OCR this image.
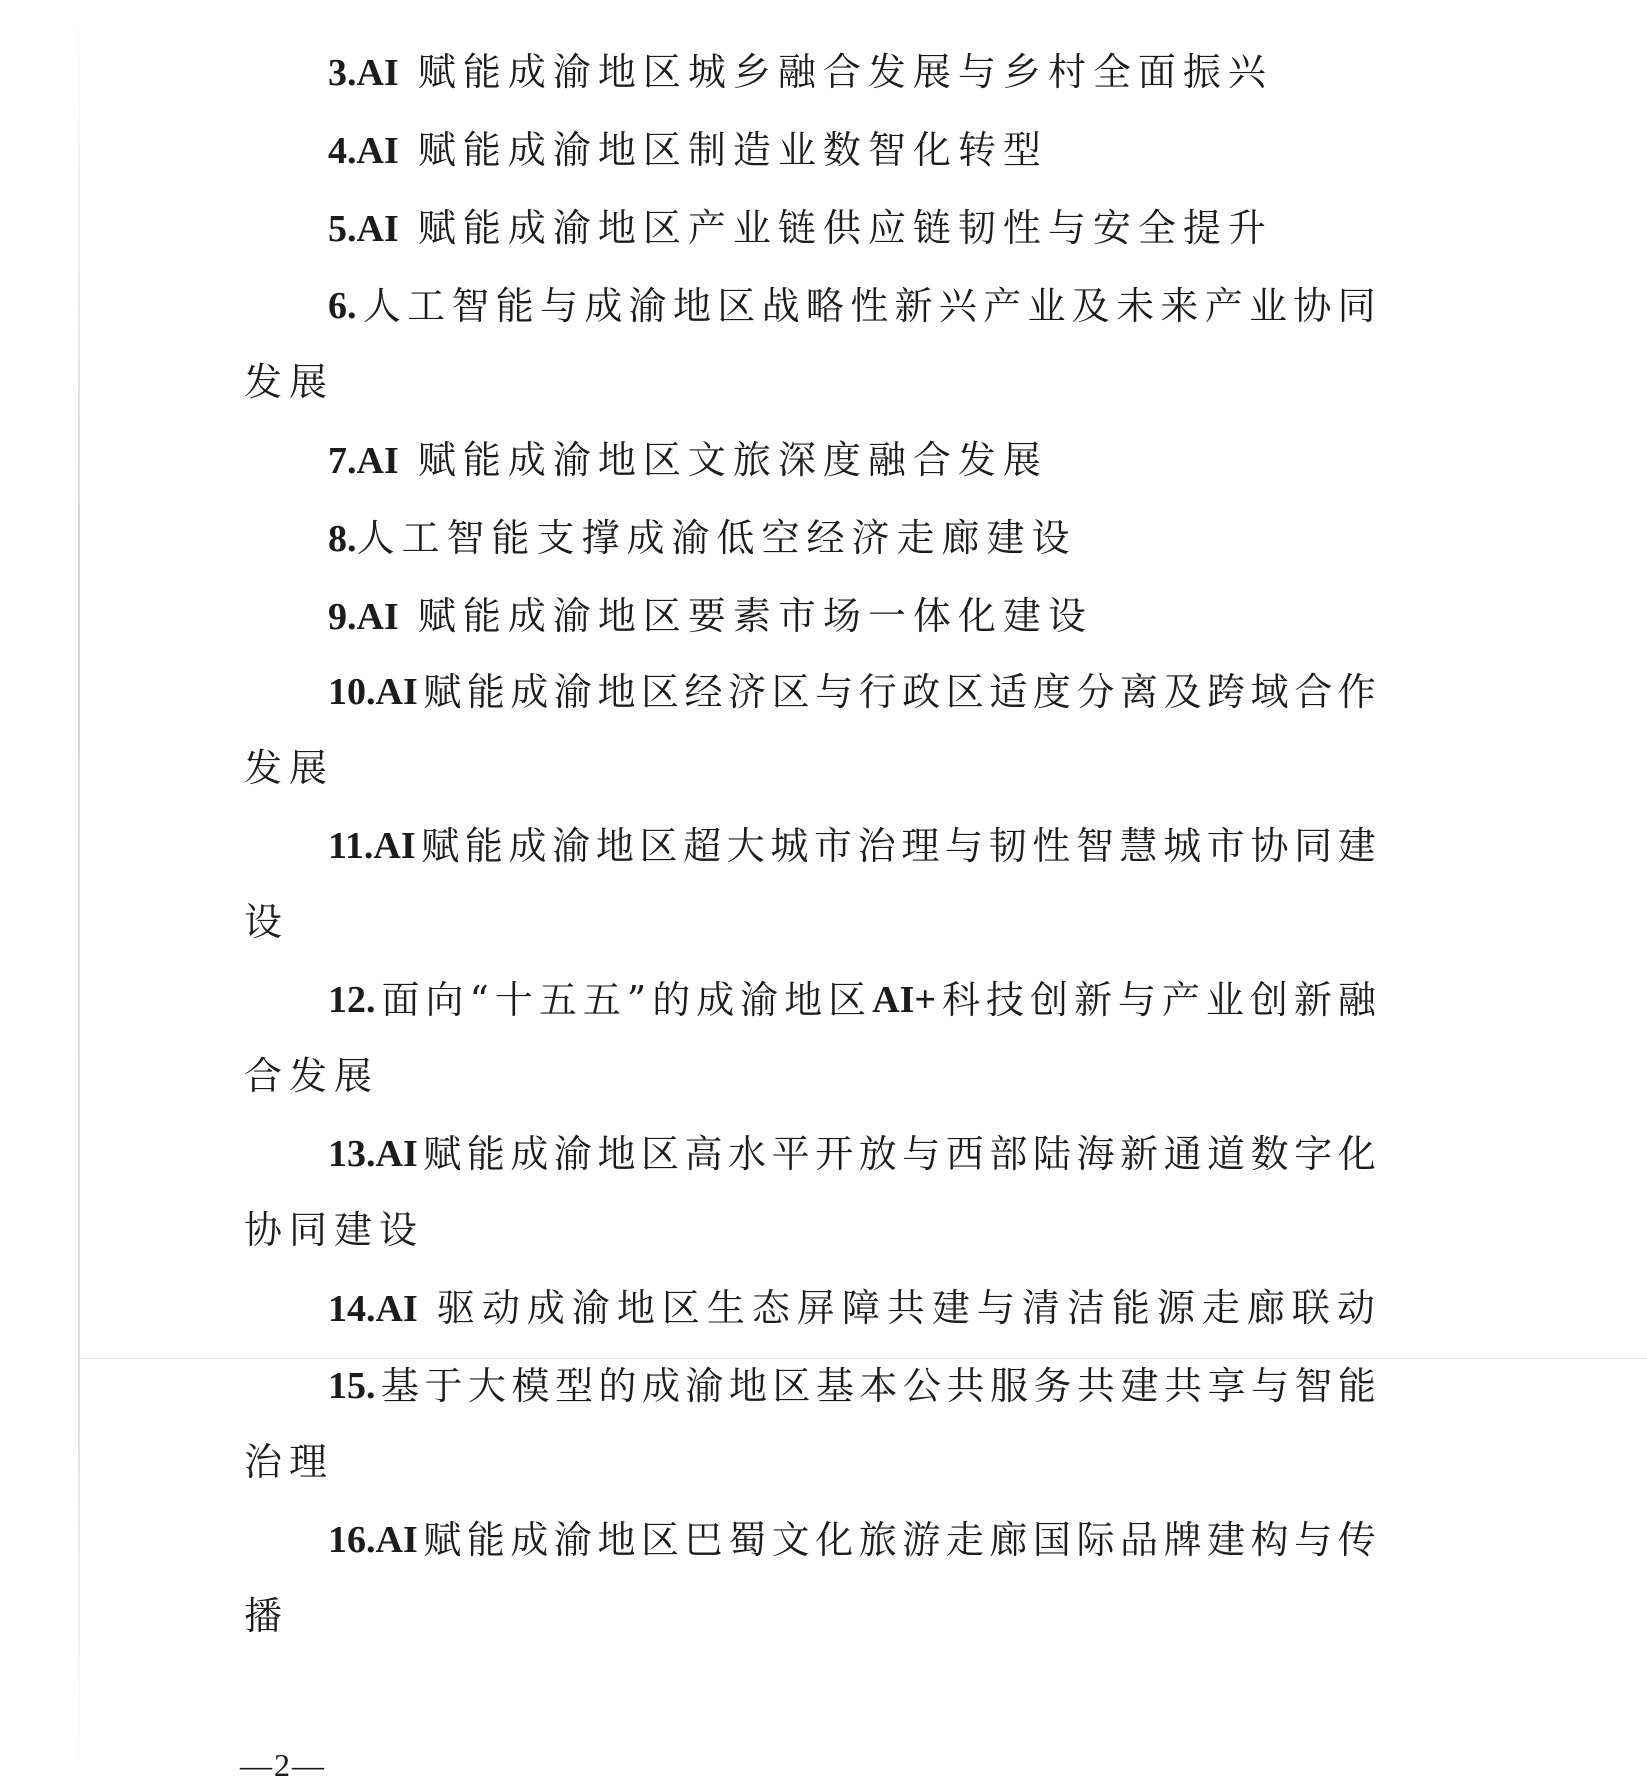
3.AI 赋能成渝地区城乡融合发展与乡村全面振兴
4.AI 赋能成渝地区制造业数智化转型
5.AI 赋能成渝地区产业链供应链韧性与安全提升
6. 人 工 智 能 与 成 渝 地 区 战 略 性 新 兴 产 业 及 未 来 产 业 协 同
发展
7.AI 赋能成渝地区文旅深度融合发展
8.人工智能支撑成渝低空经济走廊建设
9.AI 赋能成渝地区要素市场一体化建设
10.AI 赋 能 成 渝 地 区 经 济 区 与 行 政 区 适 度 分 离 及 跨 域 合 作
发展
11.AI 赋 能 成 渝 地 区 超 大 城 市 治 理 与 韧 性 智 慧 城 市 协 同 建
设
12. 面 向 “ 十 五 五 ” 的 成 渝 地 区 AI+ 科 技 创 新 与 产 业 创 新 融
合发展
13.AI 赋 能 成 渝 地 区 高 水 平 开 放 与 西 部 陆 海 新 通 道 数 字 化
协同建设
14.AI 驱动成渝地区生态屏障共建与清洁能源走廊联动
15. 基 于 大 模 型 的 成 渝 地 区 基 本 公 共 服 务 共 建 共 享 与 智 能
治理
16.AI 赋 能 成 渝 地 区 巴 蜀 文 化 旅 游 走 廊 国 际 品 牌 建 构 与 传
播
—2—
